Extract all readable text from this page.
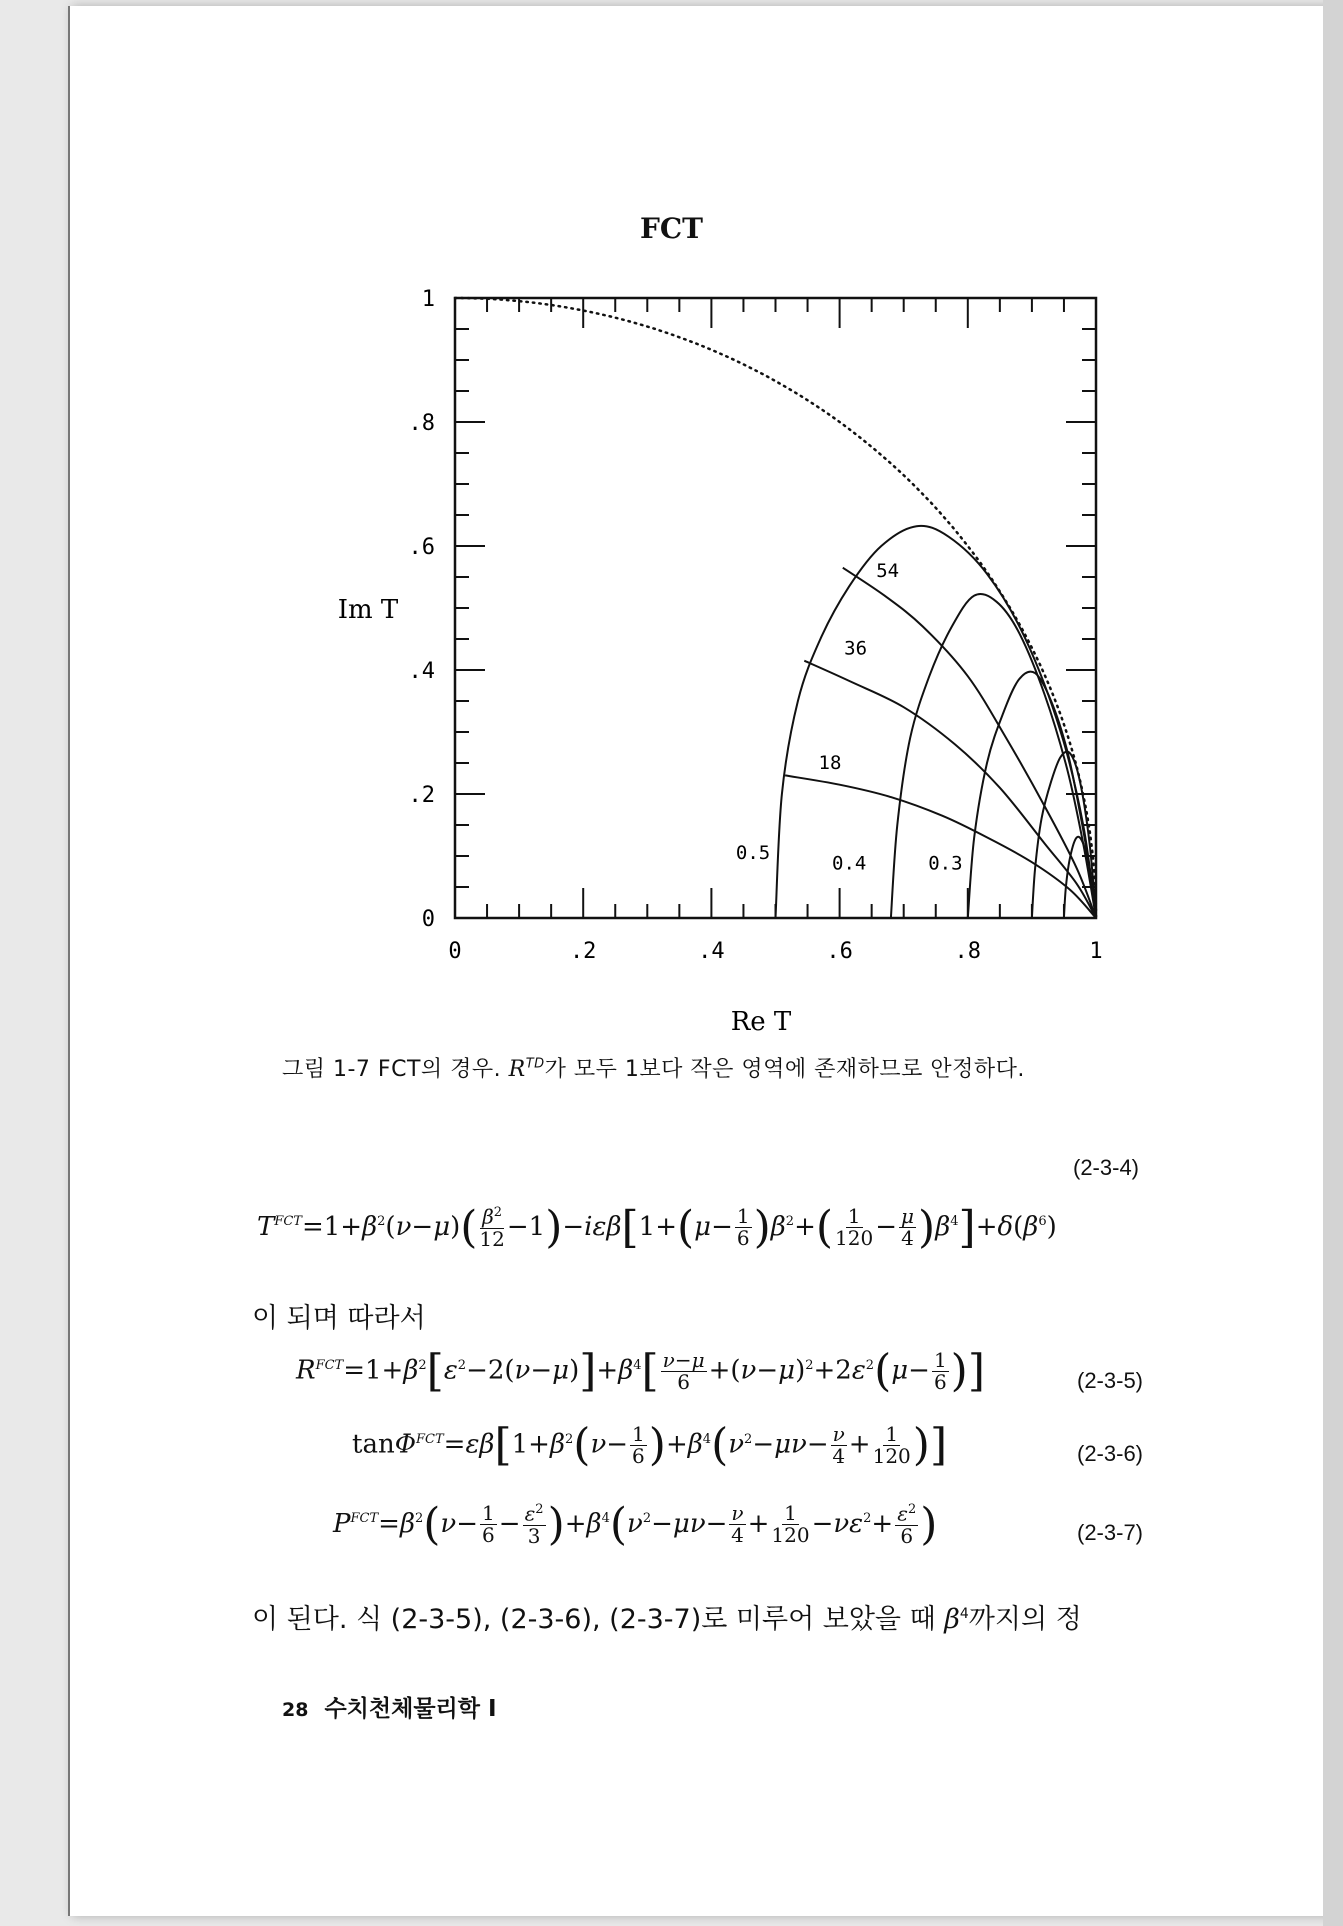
FCT
0	.2	.4	.6	.8	1
0
.2
.4
.6
.8
1
0.5	0.4	0.3
18
36
54
Re T
Im T
그림 1-7 FCT의 경우. $R^{TD}$가 모두 1보다 작은 영역에 존재하므로 안정하다.
(2-3-4)
$T^{FCT}=1+\beta^2(\nu-\mu)( \frac{\beta^2}{12} -1)-i\varepsilon\beta[1+(\mu- \frac{1}{6} )\beta^2+( \frac{1}{120} - \frac{\mu}{4} )\beta^4]+\delta(\beta^6)$
이 되며 따라서
$R^{FCT}=1+\beta^2[\varepsilon^2-2(\nu-\mu)]+\beta^4[ \frac{\nu-\mu}{6} +(\nu-\mu)^2+2\varepsilon^2(\mu- \frac{1}{6}$ )]	(2-3-5)
$\tan\Phi^{FCT}=\varepsilon\beta[1+\beta^2(\nu- \frac{1}{6} )+\beta^4(\nu^2-\mu\nu- \frac{\nu}{4} + \frac{1}{120}$ )]	(2-3-6)
$P^{FCT}=\beta^2(\nu- \frac{1}{6} - \frac{\varepsilon^2}{3} )+\beta^4(\nu^2-\mu\nu- \frac{\nu}{4} + \frac{1}{120} -\nu\varepsilon^2+ \frac{\varepsilon^2}{6}$ )	(2-3-7)
이 된다. 식 (2-3-5), (2-3-6), (2-3-7)로 미루어 보았을 때 $\beta^4$까지의 정
28 수치천체물리학 Ⅰ
